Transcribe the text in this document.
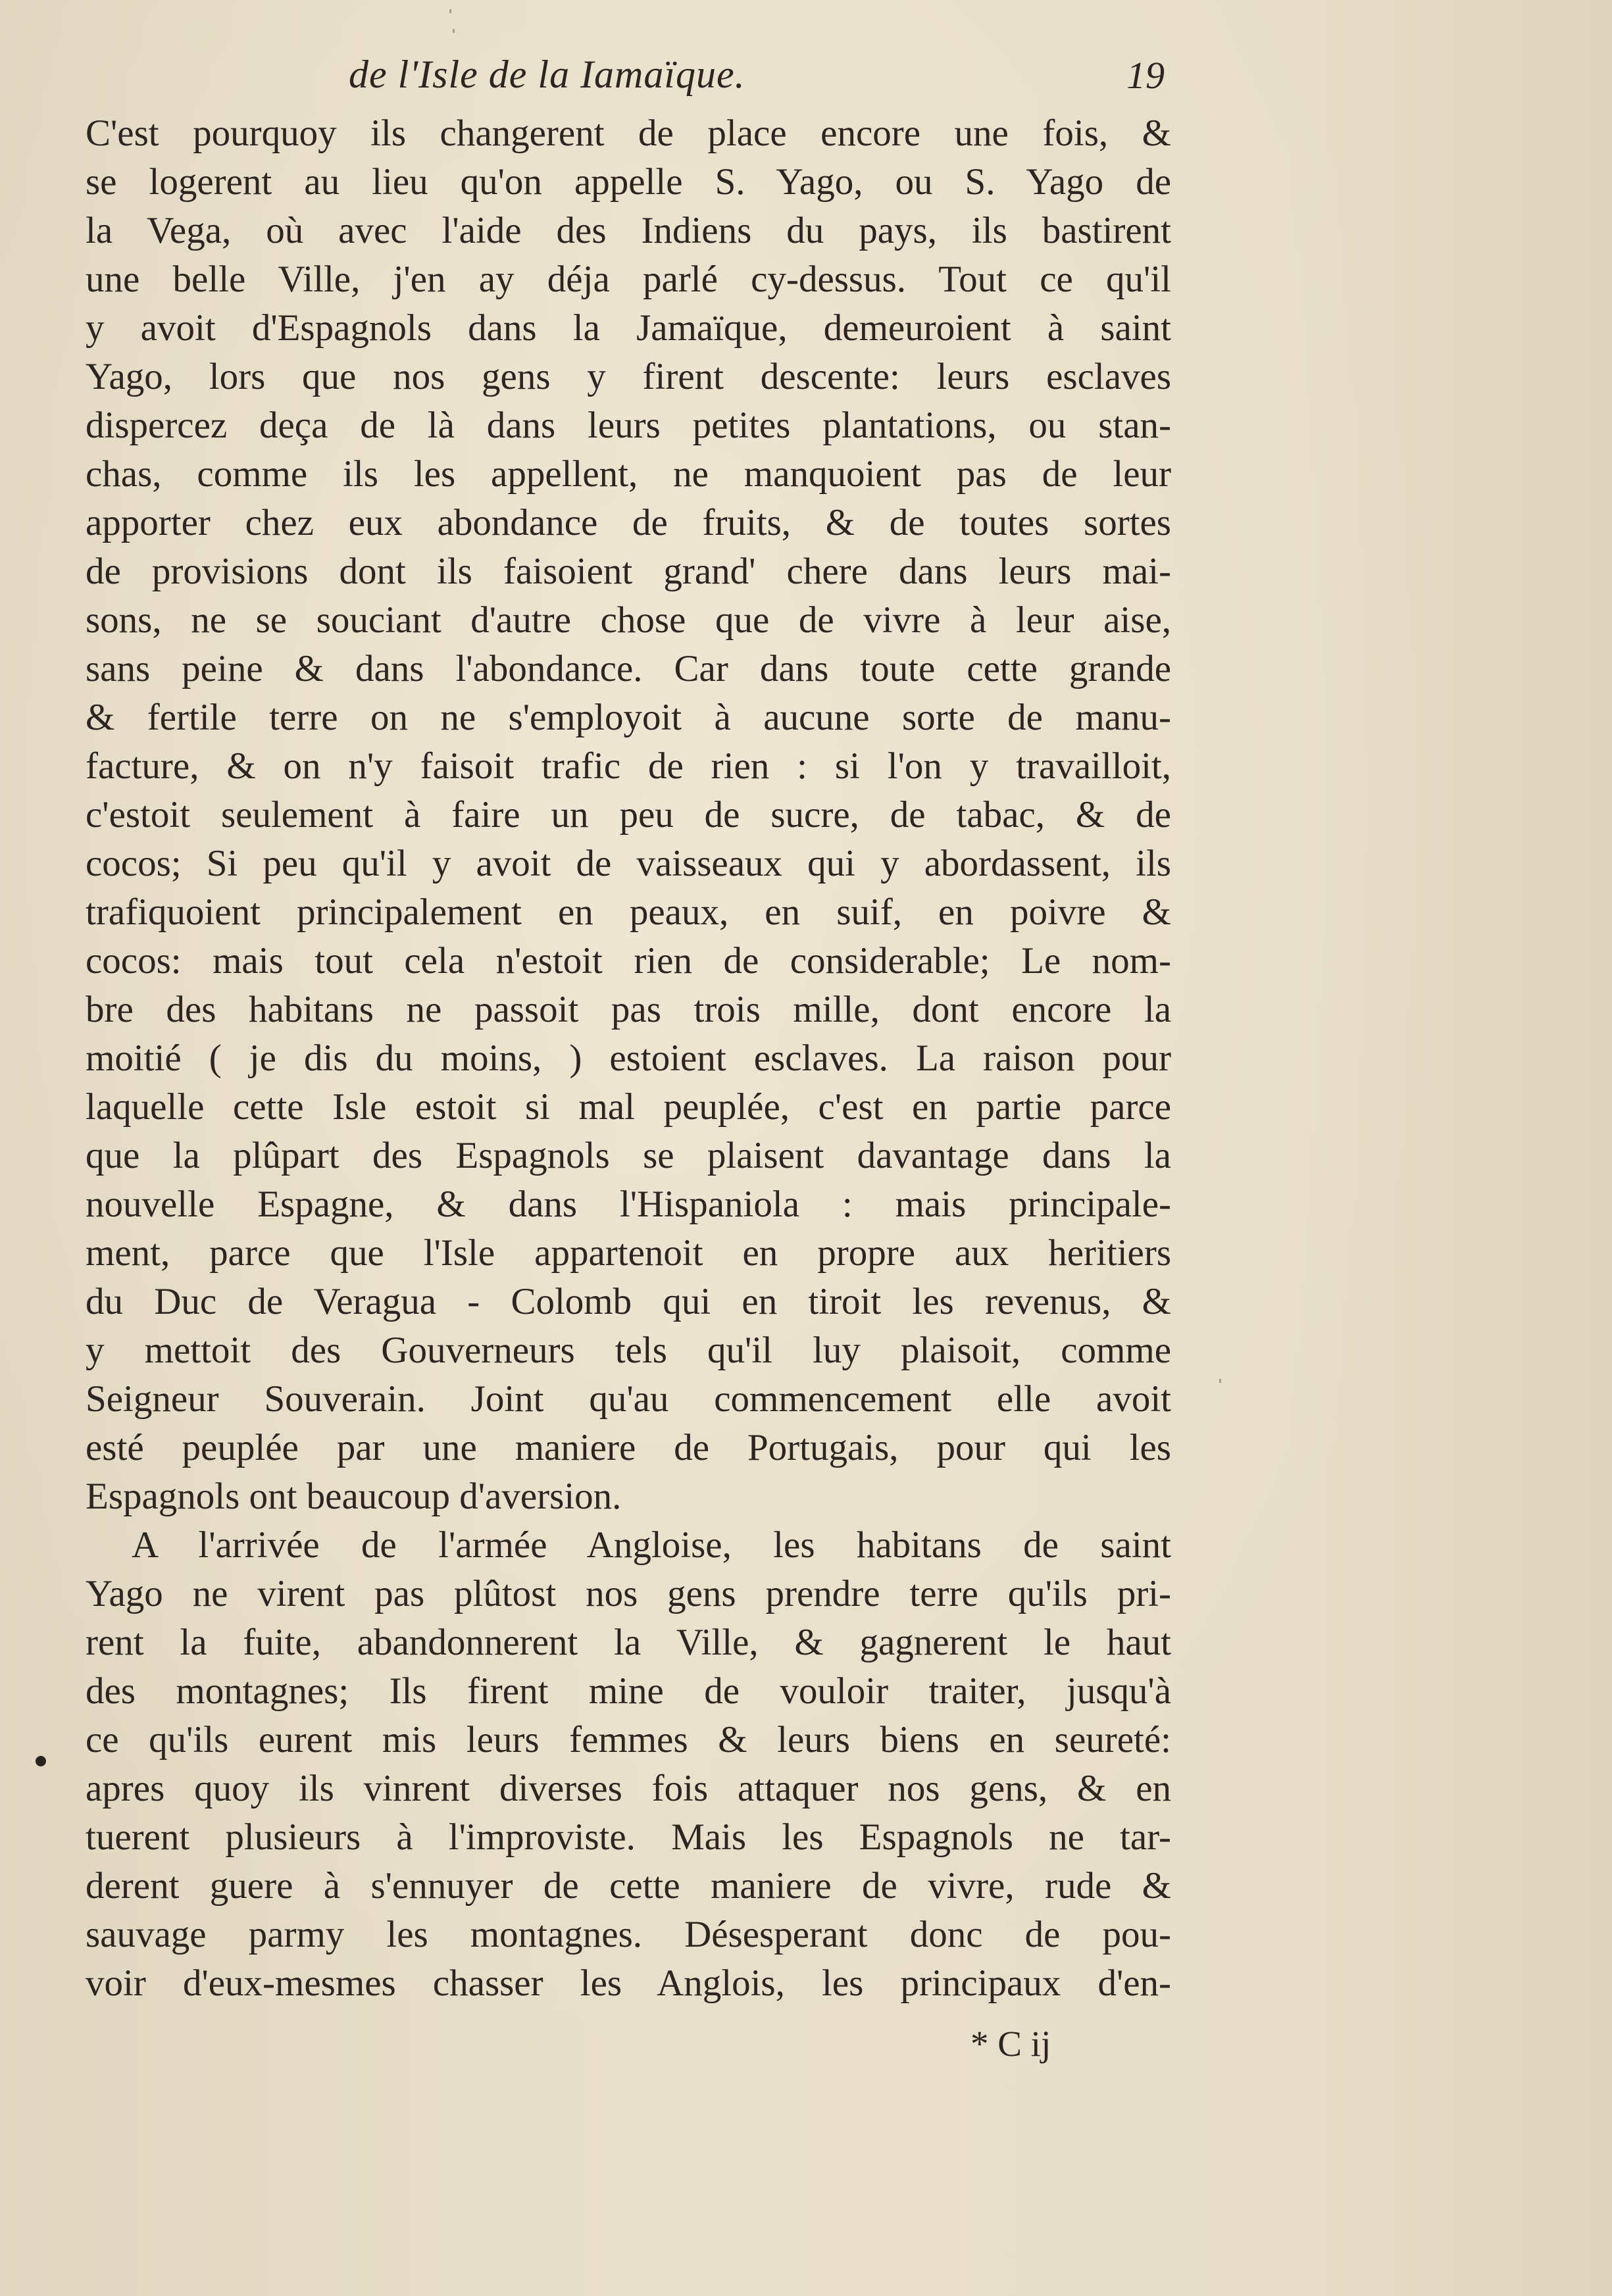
de l'Isle de la Iamaïque.	19
C'est pourquoy ils changerent de place encore une fois, &
se logerent au lieu qu'on appelle S. Yago, ou S. Yago de
la Vega, où avec l'aide des Indiens du pays, ils bastirent
une belle Ville, j'en ay déja parlé cy-dessus. Tout ce qu'il
y avoit d'Espagnols dans la Jamaïque, demeuroient à saint
Yago, lors que nos gens y firent descente: leurs esclaves
dispercez deça de là dans leurs petites plantations, ou stan-
chas, comme ils les appellent, ne manquoient pas de leur
apporter chez eux abondance de fruits, & de toutes sortes
de provisions dont ils faisoient grand' chere dans leurs mai-
sons, ne se souciant d'autre chose que de vivre à leur aise,
sans peine & dans l'abondance. Car dans toute cette grande
& fertile terre on ne s'employoit à aucune sorte de manu-
facture, & on n'y faisoit trafic de rien : si l'on y travailloit,
c'estoit seulement à faire un peu de sucre, de tabac, & de
cocos; Si peu qu'il y avoit de vaisseaux qui y abordassent, ils
trafiquoient principalement en peaux, en suif, en poivre &
cocos: mais tout cela n'estoit rien de considerable; Le nom-
bre des habitans ne passoit pas trois mille, dont encore la
moitié ( je dis du moins, ) estoient esclaves. La raison pour
laquelle cette Isle estoit si mal peuplée, c'est en partie parce
que la plûpart des Espagnols se plaisent davantage dans la
nouvelle Espagne, & dans l'Hispaniola : mais principale-
ment, parce que l'Isle appartenoit en propre aux heritiers
du Duc de Veragua - Colomb qui en tiroit les revenus, &
y mettoit des Gouverneurs tels qu'il luy plaisoit, comme
Seigneur Souverain. Joint qu'au commencement elle avoit
esté peuplée par une maniere de Portugais, pour qui les
Espagnols ont beaucoup d'aversion.
A l'arrivée de l'armée Angloise, les habitans de saint
Yago ne virent pas plûtost nos gens prendre terre qu'ils pri-
rent la fuite, abandonnerent la Ville, & gagnerent le haut
des montagnes; Ils firent mine de vouloir traiter, jusqu'à
ce qu'ils eurent mis leurs femmes & leurs biens en seureté:
apres quoy ils vinrent diverses fois attaquer nos gens, & en
tuerent plusieurs à l'improviste. Mais les Espagnols ne tar-
derent guere à s'ennuyer de cette maniere de vivre, rude &
sauvage parmy les montagnes. Désesperant donc de pou-
voir d'eux-mesmes chasser les Anglois, les principaux d'en-
* C ij
